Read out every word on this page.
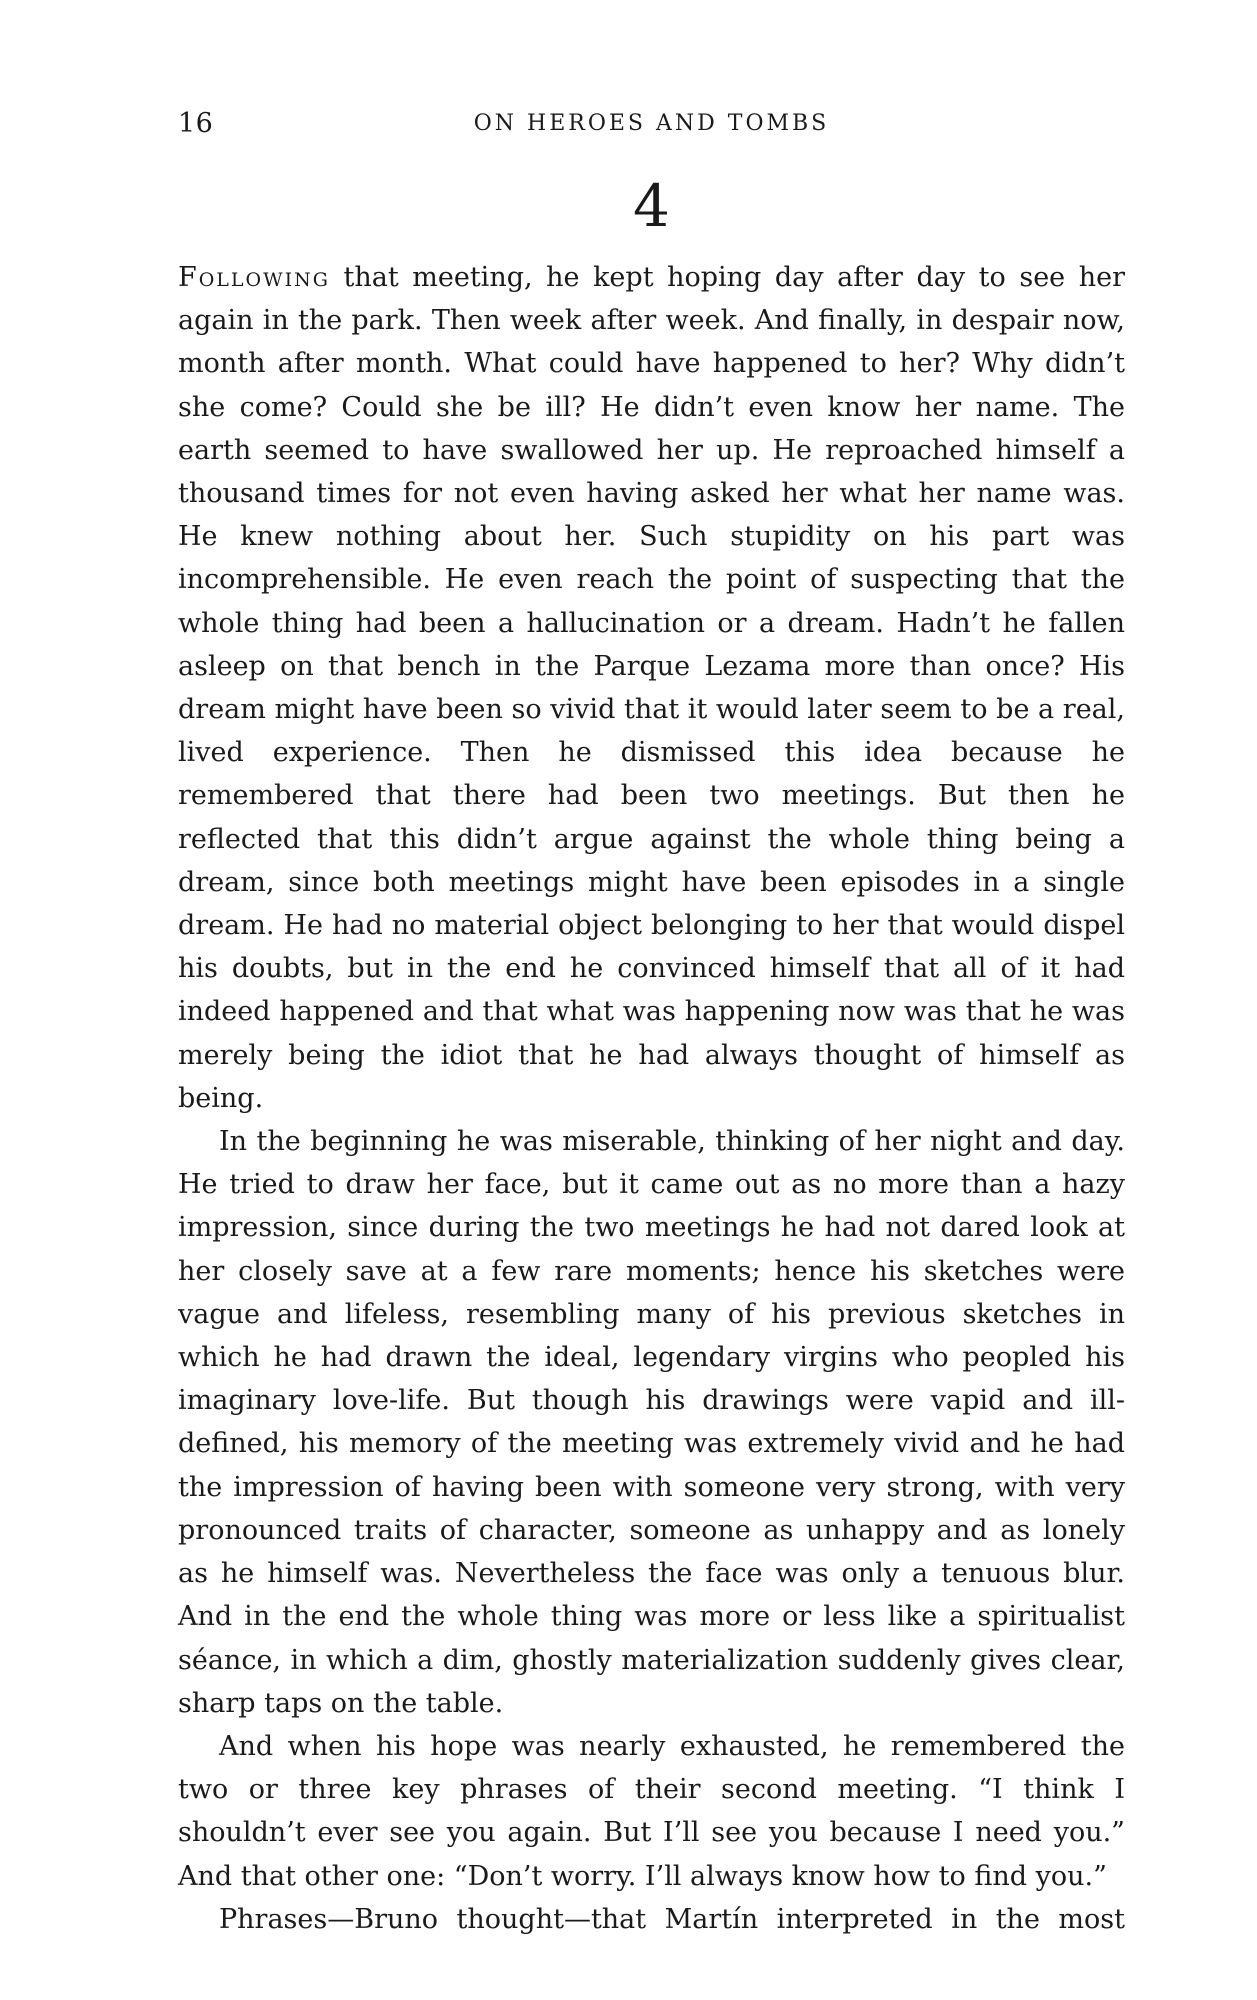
16	ON HEROES AND TOMBS
4

Following that meeting, he kept hoping day after day to see her again in the park. Then week after week. And finally, in despair now, month after month. What could have happened to her? Why didn’t she come? Could she be ill? He didn’t even know her name. The earth seemed to have swallowed her up. He reproached himself a thousand times for not even having asked her what her name was. He knew nothing about her. Such stupidity on his part was incomprehensible. He even reach the point of suspecting that the whole thing had been a hallucination or a dream. Hadn’t he fallen asleep on that bench in the Parque Lezama more than once? His dream might have been so vivid that it would later seem to be a real, lived experience. Then he dismissed this idea because he remembered that there had been two meetings. But then he reflected that this didn’t argue against the whole thing being a dream, since both meetings might have been episodes in a single dream. He had no material object belonging to her that would dispel his doubts, but in the end he convinced himself that all of it had indeed happened and that what was happening now was that he was merely being the idiot that he had always thought of himself as being.

In the beginning he was miserable, thinking of her night and day. He tried to draw her face, but it came out as no more than a hazy impression, since during the two meetings he had not dared look at her closely save at a few rare moments; hence his sketches were vague and lifeless, resembling many of his previous sketches in which he had drawn the ideal, legendary virgins who peopled his imaginary love-life. But though his drawings were vapid and ill-defined, his memory of the meeting was extremely vivid and he had the impression of having been with someone very strong, with very pronounced traits of character, someone as unhappy and as lonely as he himself was. Nevertheless the face was only a tenuous blur. And in the end the whole thing was more or less like a spiritualist séance, in which a dim, ghostly materialization suddenly gives clear, sharp taps on the table.

And when his hope was nearly exhausted, he remembered the two or three key phrases of their second meeting. “I think I shouldn’t ever see you again. But I’ll see you because I need you.” And that other one: “Don’t worry. I’ll always know how to find you.”

Phrases—Bruno thought—that Martín interpreted in the most
